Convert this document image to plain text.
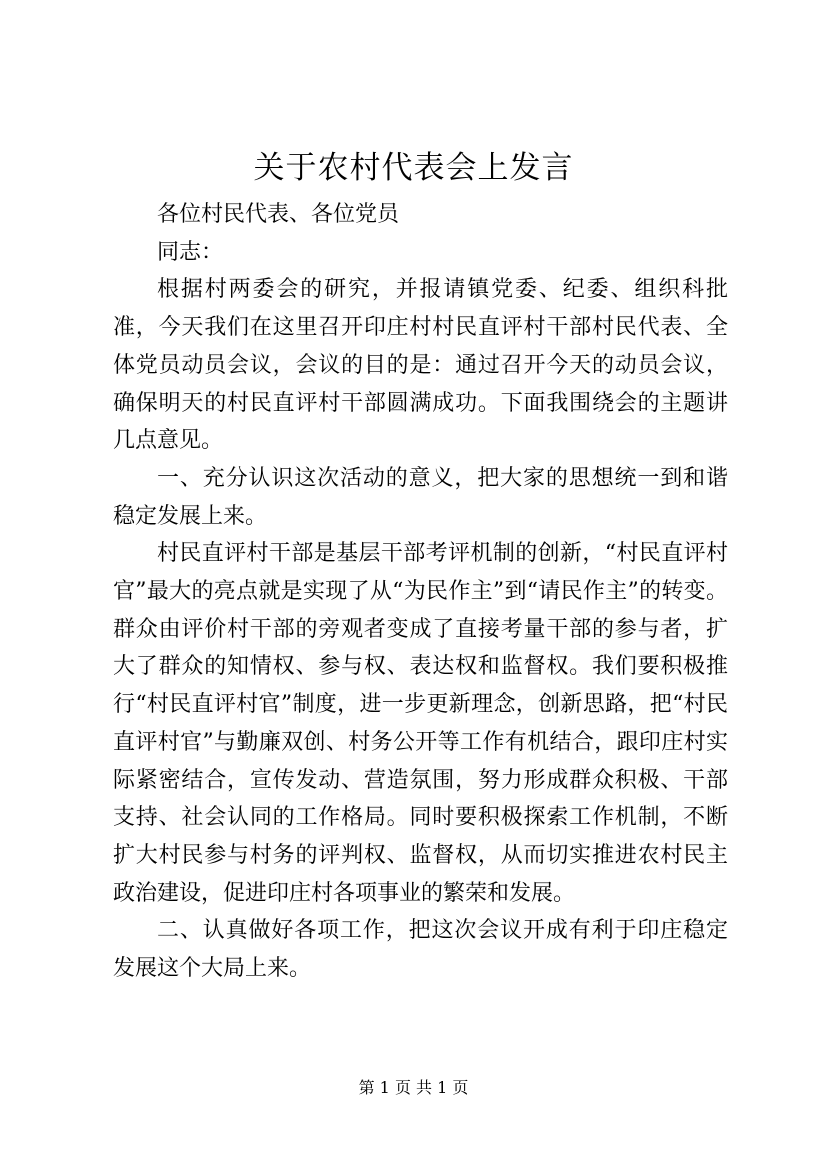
关于农村代表会上发言

各位村民代表、各位党员

同志：

根据村两委会的研究，并报请镇党委、纪委、组织科批准，今天我们在这里召开印庄村村民直评村干部村民代表、全体党员动员会议，会议的目的是：通过召开今天的动员会议，确保明天的村民直评村干部圆满成功。下面我围绕会的主题讲几点意见。

一、充分认识这次活动的意义，把大家的思想统一到和谐稳定发展上来。

村民直评村干部是基层干部考评机制的创新，“村民直评村官”最大的亮点就是实现了从“为民作主”到“请民作主”的转变。群众由评价村干部的旁观者变成了直接考量干部的参与者，扩大了群众的知情权、参与权、表达权和监督权。我们要积极推行“村民直评村官”制度，进一步更新理念，创新思路，把“村民直评村官”与勤廉双创、村务公开等工作有机结合，跟印庄村实际紧密结合，宣传发动、营造氛围，努力形成群众积极、干部支持、社会认同的工作格局。同时要积极探索工作机制，不断扩大村民参与村务的评判权、监督权，从而切实推进农村民主政治建设，促进印庄村各项事业的繁荣和发展。

二、认真做好各项工作，把这次会议开成有利于印庄稳定发展这个大局上来。

第 1 页 共 1 页
